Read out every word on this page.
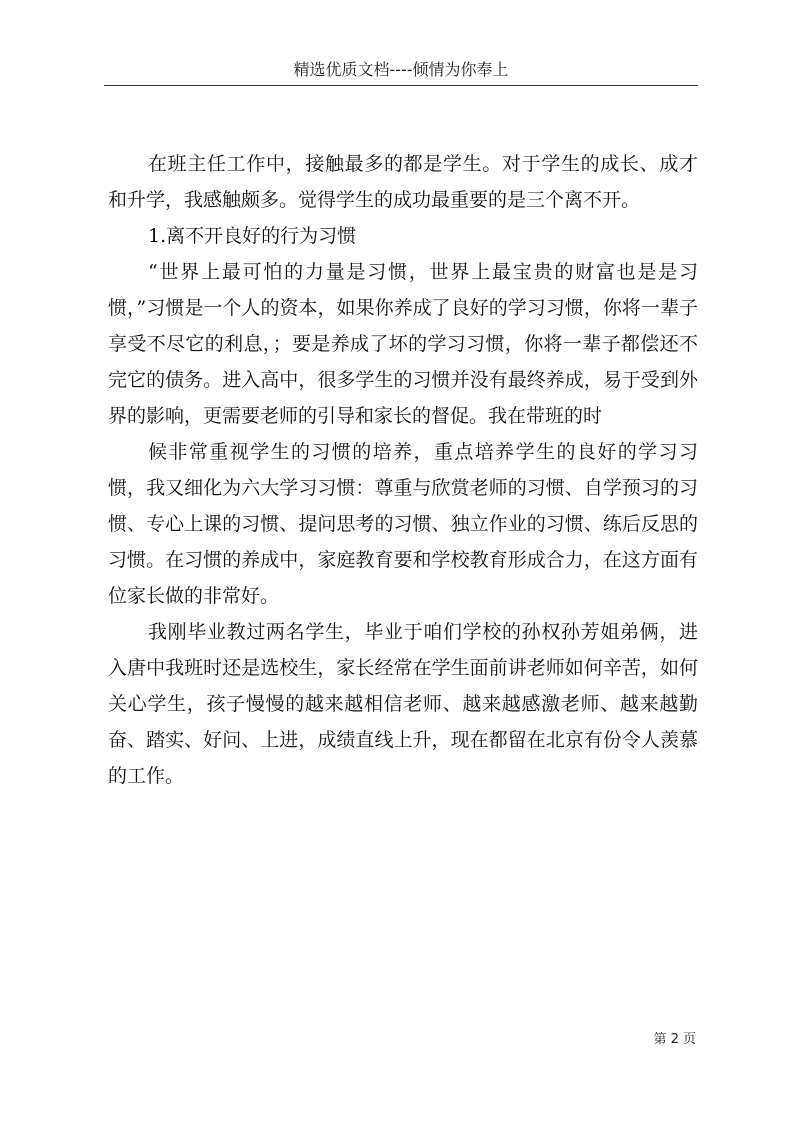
精选优质文档----倾情为你奉上

在班主任工作中，接触最多的都是学生。对于学生的成长、成才和升学，我感触颇多。觉得学生的成功最重要的是三个离不开。

1.离不开良好的行为习惯

“世界上最可怕的力量是习惯，世界上最宝贵的财富也是是习惯，”习惯是一个人的资本，如果你养成了良好的学习习惯，你将一辈子享受不尽它的利息，；要是养成了坏的学习习惯，你将一辈子都偿还不完它的债务。进入高中，很多学生的习惯并没有最终养成，易于受到外界的影响，更需要老师的引导和家长的督促。我在带班的时

候非常重视学生的习惯的培养，重点培养学生的良好的学习习惯，我又细化为六大学习习惯：尊重与欣赏老师的习惯、自学预习的习惯、专心上课的习惯、提问思考的习惯、独立作业的习惯、练后反思的习惯。在习惯的养成中，家庭教育要和学校教育形成合力，在这方面有位家长做的非常好。

我刚毕业教过两名学生，毕业于咱们学校的孙权孙芳姐弟俩，进入唐中我班时还是选校生，家长经常在学生面前讲老师如何辛苦，如何关心学生，孩子慢慢的越来越相信老师、越来越感激老师、越来越勤奋、踏实、好问、上进，成绩直线上升，现在都留在北京有份令人羡慕的工作。

第 2 页
